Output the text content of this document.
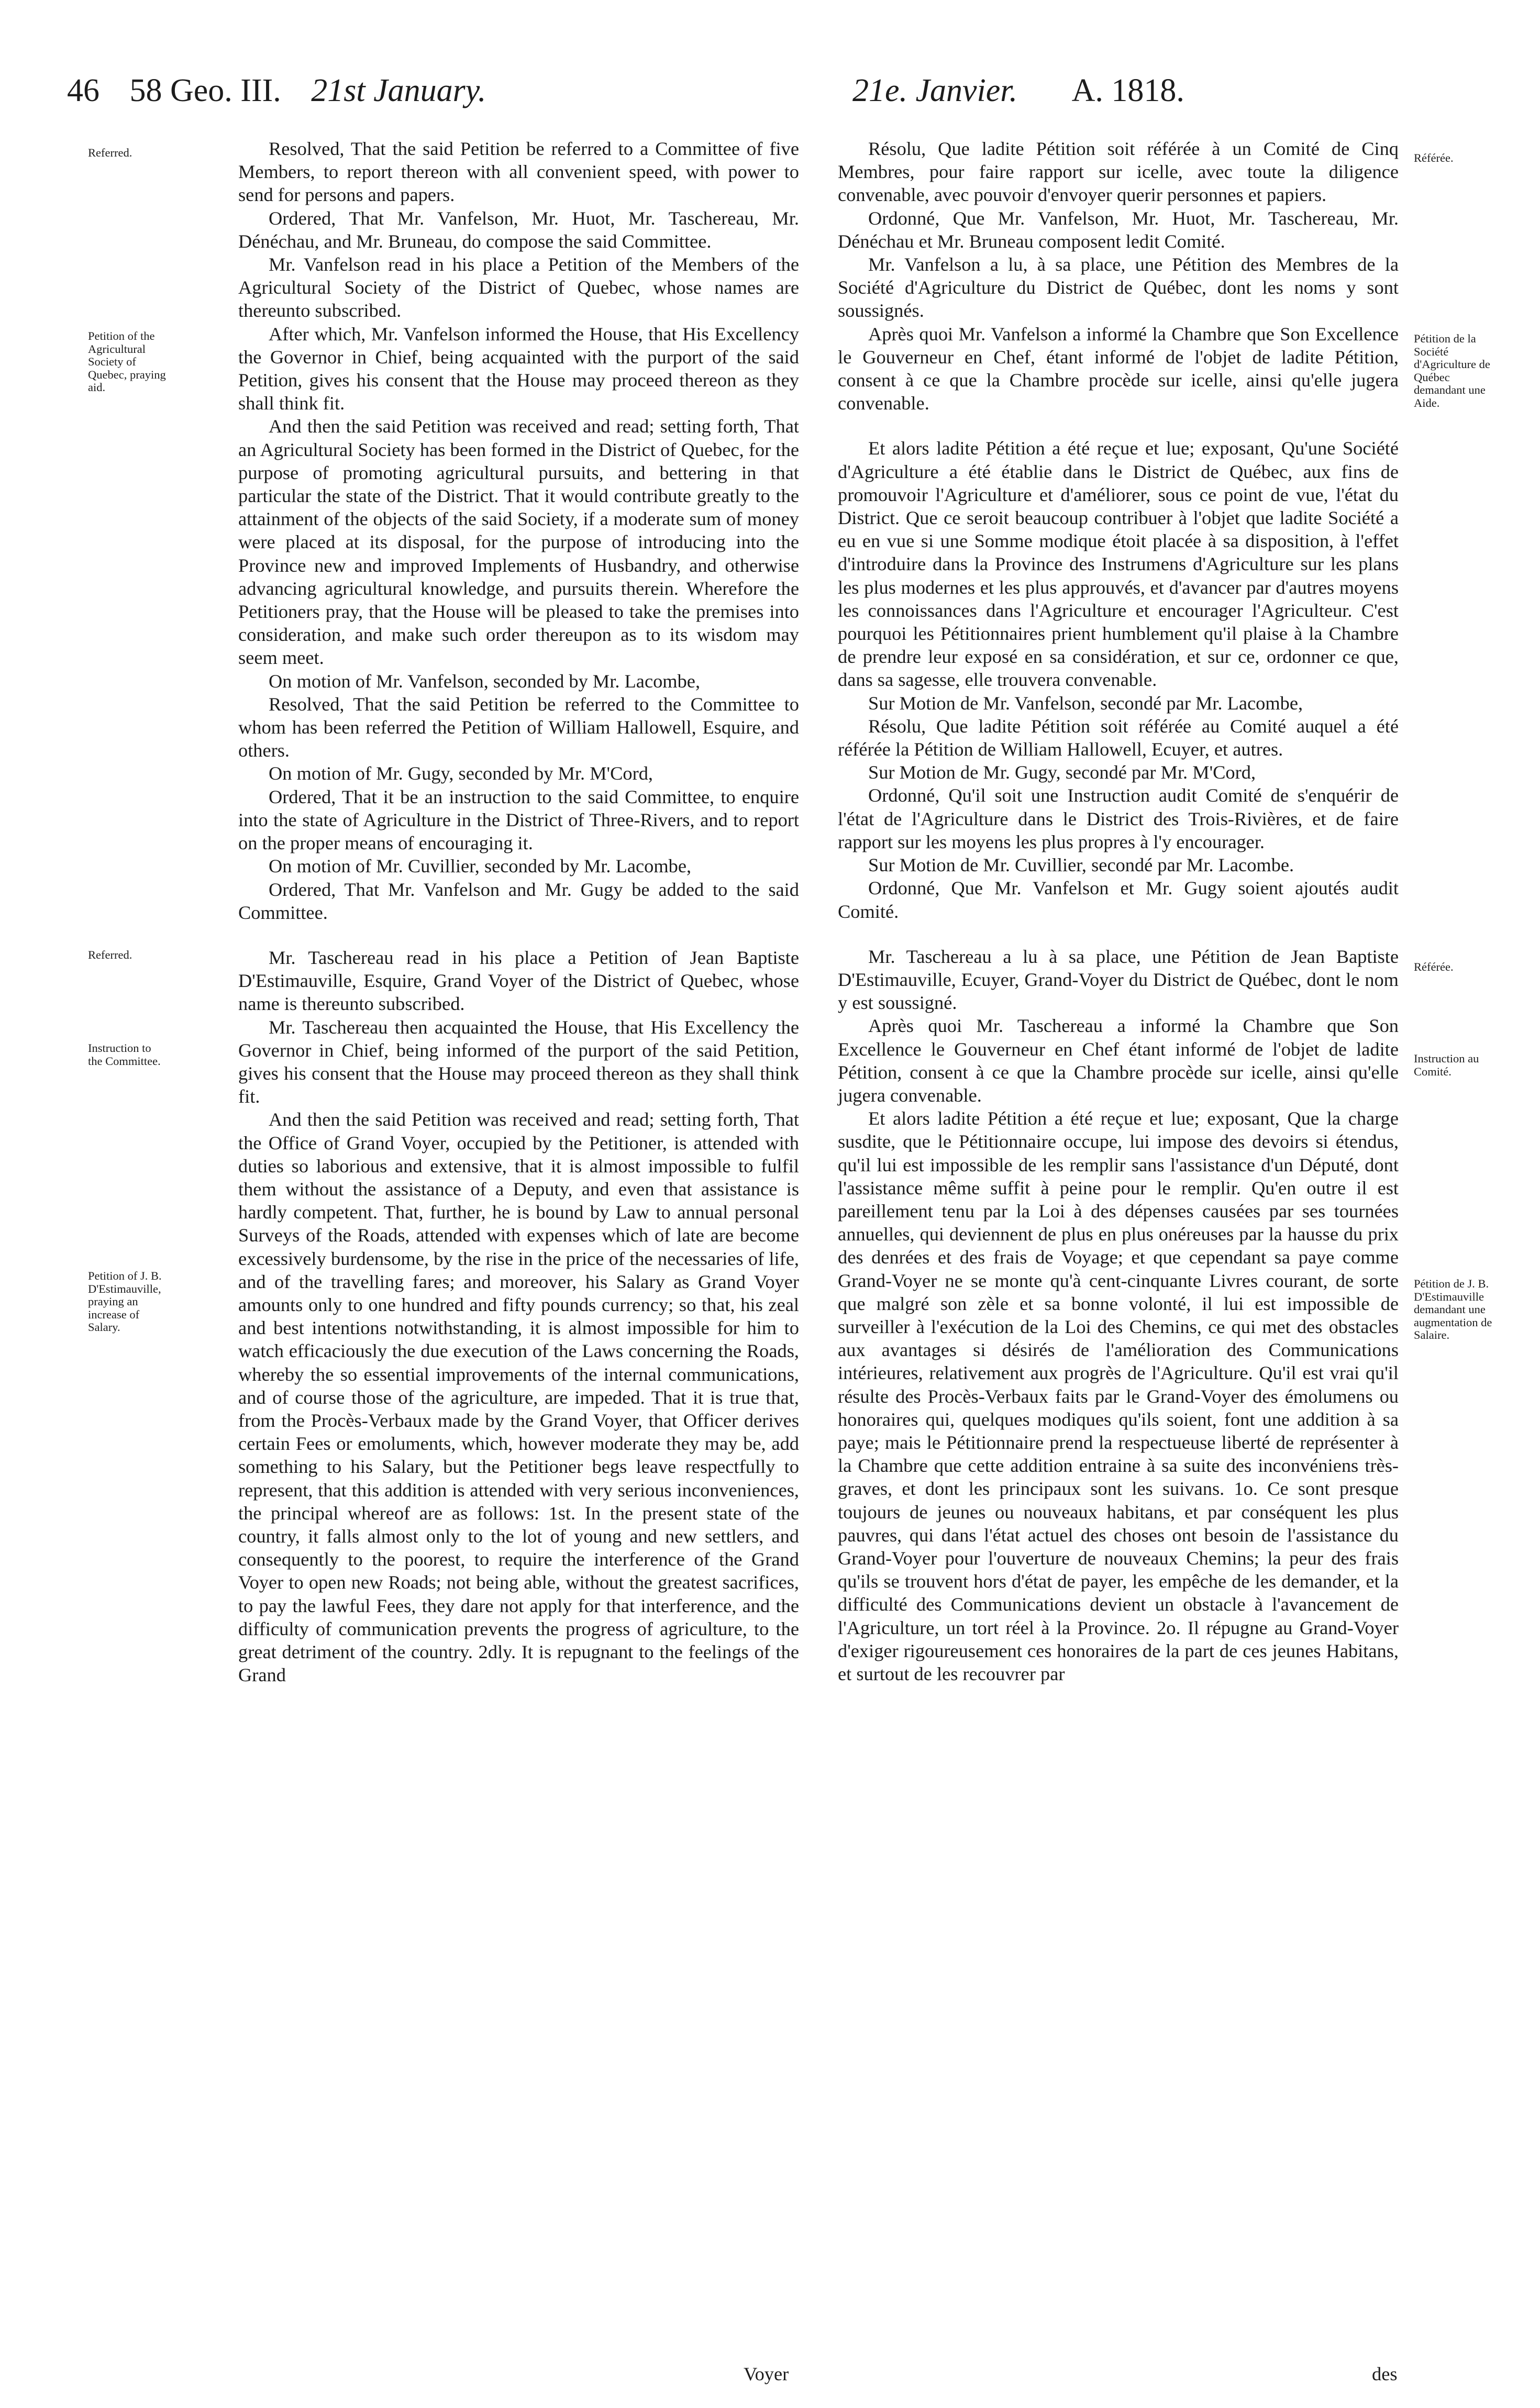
46 58 Geo. III. 21st January.	21e. Janvier. A. 1818.
Referred.
Petition of the Agricultural Society of Quebec, praying aid.
Referred.
Instruction to the Committee.
Petition of J. B. D'Estimauville, praying an increase of Salary.
Référée.
Pétition de la Société d'Agriculture de Québec demandant une Aide.
Référée.
Instruction au Comité.
Pétition de J. B. D'Estimauville demandant une augmentation de Salaire.

Resolved, That the said Petition be referred to a Committee of five Members, to report thereon with all convenient speed, with power to send for persons and papers.

Ordered, That Mr. Vanfelson, Mr. Huot, Mr. Taschereau, Mr. Dénéchau, and Mr. Bruneau, do compose the said Committee.

Mr. Vanfelson read in his place a Petition of the Members of the Agricultural Society of the District of Quebec, whose names are thereunto subscribed.

After which, Mr. Vanfelson informed the House, that His Excellency the Governor in Chief, being acquainted with the purport of the said Petition, gives his consent that the House may proceed thereon as they shall think fit.

And then the said Petition was received and read; setting forth, That an Agricultural Society has been formed in the District of Quebec, for the purpose of promoting agricultural pursuits, and bettering in that particular the state of the District. That it would contribute greatly to the attainment of the objects of the said Society, if a moderate sum of money were placed at its disposal, for the purpose of introducing into the Province new and improved Implements of Husbandry, and otherwise advancing agricultural knowledge, and pursuits therein. Wherefore the Petitioners pray, that the House will be pleased to take the premises into consideration, and make such order thereupon as to its wisdom may seem meet.

On motion of Mr. Vanfelson, seconded by Mr. Lacombe,

Resolved, That the said Petition be referred to the Committee to whom has been referred the Petition of William Hallowell, Esquire, and others.

On motion of Mr. Gugy, seconded by Mr. M'Cord,

Ordered, That it be an instruction to the said Committee, to enquire into the state of Agriculture in the District of Three-Rivers, and to report on the proper means of encouraging it.

On motion of Mr. Cuvillier, seconded by Mr. Lacombe,

Ordered, That Mr. Vanfelson and Mr. Gugy be added to the said Committee.

Mr. Taschereau read in his place a Petition of Jean Baptiste D'Estimauville, Esquire, Grand Voyer of the District of Quebec, whose name is thereunto subscribed.

Mr. Taschereau then acquainted the House, that His Excellency the Governor in Chief, being informed of the purport of the said Petition, gives his consent that the House may proceed thereon as they shall think fit.

And then the said Petition was received and read; setting forth, That the Office of Grand Voyer, occupied by the Petitioner, is attended with duties so laborious and extensive, that it is almost impossible to fulfil them without the assistance of a Deputy, and even that assistance is hardly competent. That, further, he is bound by Law to annual personal Surveys of the Roads, attended with expenses which of late are become excessively burdensome, by the rise in the price of the necessaries of life, and of the travelling fares; and moreover, his Salary as Grand Voyer amounts only to one hundred and fifty pounds currency; so that, his zeal and best intentions notwithstanding, it is almost impossible for him to watch efficaciously the due execution of the Laws concerning the Roads, whereby the so essential improvements of the internal communications, and of course those of the agriculture, are impeded. That it is true that, from the Procès-Verbaux made by the Grand Voyer, that Officer derives certain Fees or emoluments, which, however moderate they may be, add something to his Salary, but the Petitioner begs leave respectfully to represent, that this addition is attended with very serious inconveniences, the principal whereof are as follows: 1st. In the present state of the country, it falls almost only to the lot of young and new settlers, and consequently to the poorest, to require the interference of the Grand Voyer to open new Roads; not being able, without the greatest sacrifices, to pay the lawful Fees, they dare not apply for that interference, and the difficulty of communication prevents the progress of agriculture, to the great detriment of the country. 2dly. It is repugnant to the feelings of the Grand

Résolu, Que ladite Pétition soit référée à un Comité de Cinq Membres, pour faire rapport sur icelle, avec toute la diligence convenable, avec pouvoir d'envoyer querir personnes et papiers.

Ordonné, Que Mr. Vanfelson, Mr. Huot, Mr. Taschereau, Mr. Dénéchau et Mr. Bruneau composent ledit Comité.

Mr. Vanfelson a lu, à sa place, une Pétition des Membres de la Société d'Agriculture du District de Québec, dont les noms y sont soussignés.

Après quoi Mr. Vanfelson a informé la Chambre que Son Excellence le Gouverneur en Chef, étant informé de l'objet de ladite Pétition, consent à ce que la Chambre procède sur icelle, ainsi qu'elle jugera convenable.

Et alors ladite Pétition a été reçue et lue; exposant, Qu'une Société d'Agriculture a été établie dans le District de Québec, aux fins de promouvoir l'Agriculture et d'améliorer, sous ce point de vue, l'état du District. Que ce seroit beaucoup contribuer à l'objet que ladite Société a eu en vue si une Somme modique étoit placée à sa disposition, à l'effet d'introduire dans la Province des Instrumens d'Agriculture sur les plans les plus modernes et les plus approuvés, et d'avancer par d'autres moyens les connoissances dans l'Agriculture et encourager l'Agriculteur. C'est pourquoi les Pétitionnaires prient humblement qu'il plaise à la Chambre de prendre leur exposé en sa considération, et sur ce, ordonner ce que, dans sa sagesse, elle trouvera convenable.

Sur Motion de Mr. Vanfelson, secondé par Mr. Lacombe,

Résolu, Que ladite Pétition soit référée au Comité auquel a été référée la Pétition de William Hallowell, Ecuyer, et autres.

Sur Motion de Mr. Gugy, secondé par Mr. M'Cord,

Ordonné, Qu'il soit une Instruction audit Comité de s'enquérir de l'état de l'Agriculture dans le District des Trois-Rivières, et de faire rapport sur les moyens les plus propres à l'y encourager.

Sur Motion de Mr. Cuvillier, secondé par Mr. Lacombe.

Ordonné, Que Mr. Vanfelson et Mr. Gugy soient ajoutés audit Comité.

Mr. Taschereau a lu à sa place, une Pétition de Jean Baptiste D'Estimauville, Ecuyer, Grand-Voyer du District de Québec, dont le nom y est soussigné.

Après quoi Mr. Taschereau a informé la Chambre que Son Excellence le Gouverneur en Chef étant informé de l'objet de ladite Pétition, consent à ce que la Chambre procède sur icelle, ainsi qu'elle jugera convenable.

Et alors ladite Pétition a été reçue et lue; exposant, Que la charge susdite, que le Pétitionnaire occupe, lui impose des devoirs si étendus, qu'il lui est impossible de les remplir sans l'assistance d'un Député, dont l'assistance même suffit à peine pour le remplir. Qu'en outre il est pareillement tenu par la Loi à des dépenses causées par ses tournées annuelles, qui deviennent de plus en plus onéreuses par la hausse du prix des denrées et des frais de Voyage; et que cependant sa paye comme Grand-Voyer ne se monte qu'à cent-cinquante Livres courant, de sorte que malgré son zèle et sa bonne volonté, il lui est impossible de surveiller à l'exécution de la Loi des Chemins, ce qui met des obstacles aux avantages si désirés de l'amélioration des Communications intérieures, relativement aux progrès de l'Agriculture. Qu'il est vrai qu'il résulte des Procès-Verbaux faits par le Grand-Voyer des émolumens ou honoraires qui, quelques modiques qu'ils soient, font une addition à sa paye; mais le Pétitionnaire prend la respectueuse liberté de représenter à la Chambre que cette addition entraine à sa suite des inconvéniens très-graves, et dont les principaux sont les suivans. 1o. Ce sont presque toujours de jeunes ou nouveaux habitans, et par conséquent les plus pauvres, qui dans l'état actuel des choses ont besoin de l'assistance du Grand-Voyer pour l'ouverture de nouveaux Chemins; la peur des frais qu'ils se trouvent hors d'état de payer, les empêche de les demander, et la difficulté des Communications devient un obstacle à l'avancement de l'Agriculture, un tort réel à la Province. 2o. Il répugne au Grand-Voyer d'exiger rigoureusement ces honoraires de la part de ces jeunes Habitans, et surtout de les recouvrer par

Voyer	des
